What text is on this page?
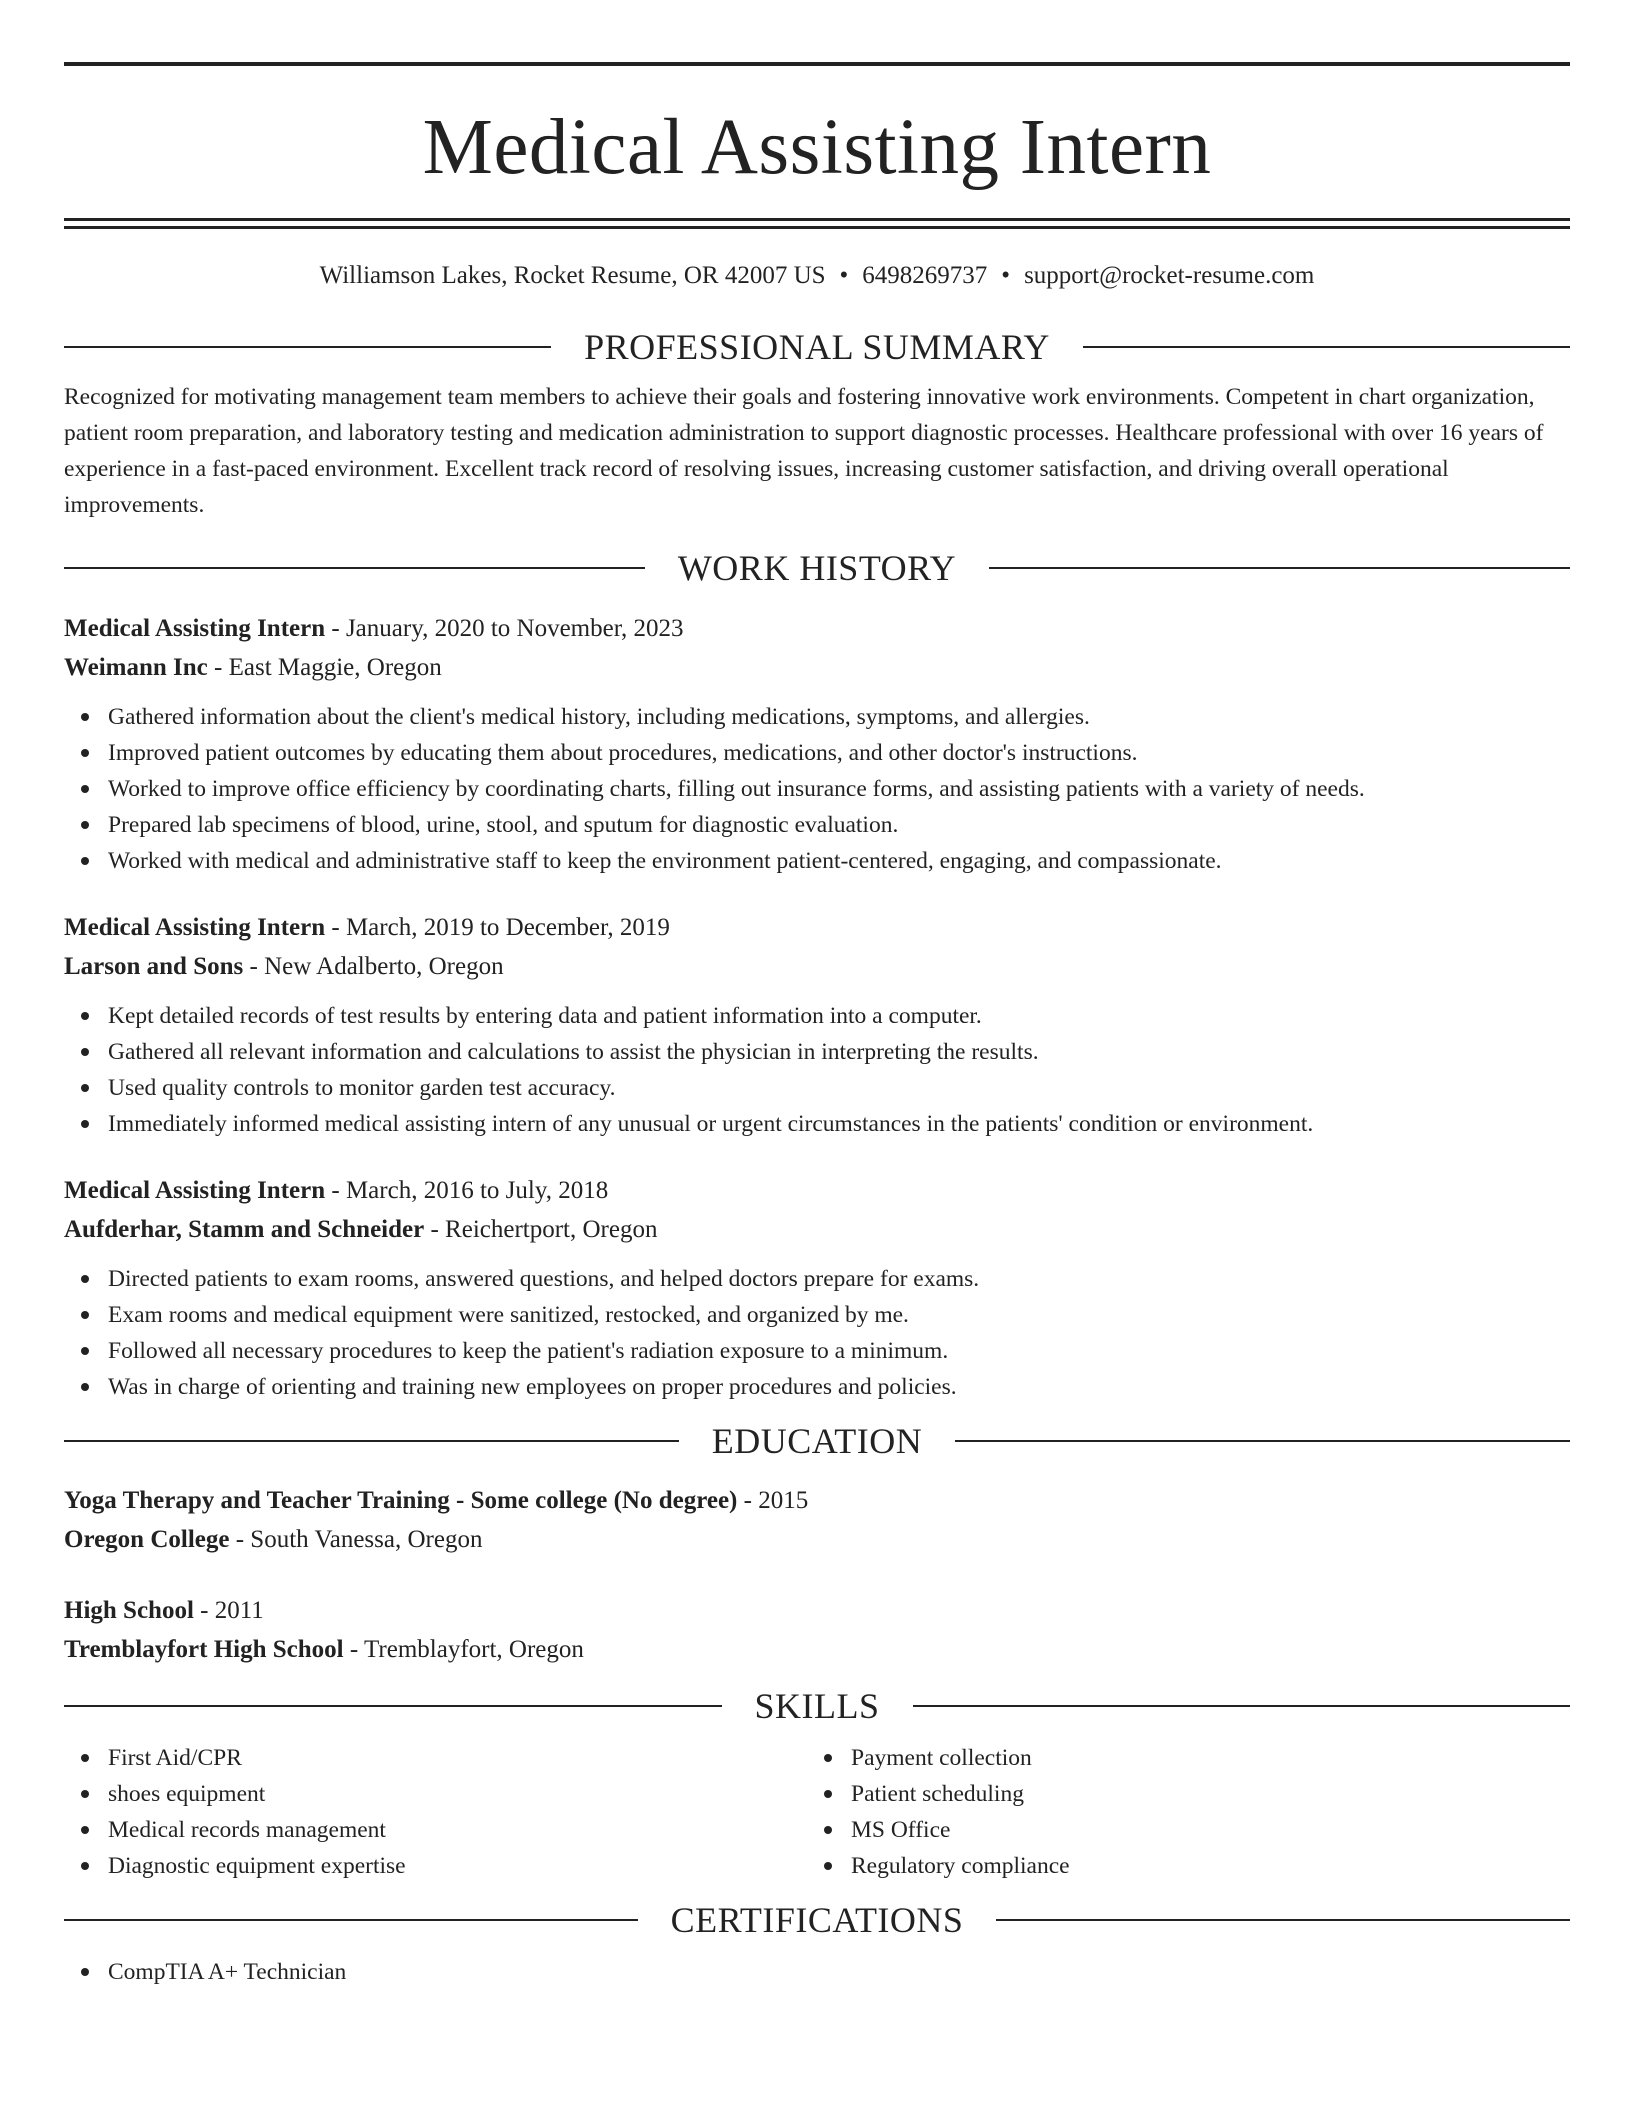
Medical Assisting Intern
Williamson Lakes, Rocket Resume, OR 42007 US • 6498269737 • support@rocket-resume.com
PROFESSIONAL SUMMARY

Recognized for motivating management team members to achieve their goals and fostering innovative work environments. Competent in chart organization, patient room preparation, and laboratory testing and medication administration to support diagnostic processes. Healthcare professional with over 16 years of experience in a fast-paced environment. Excellent track record of resolving issues, increasing customer satisfaction, and driving overall operational improvements.

WORK HISTORY
Medical Assisting Intern - January, 2020 to November, 2023
Weimann Inc - East Maggie, Oregon
Gathered information about the client's medical history, including medications, symptoms, and allergies.
Improved patient outcomes by educating them about procedures, medications, and other doctor's instructions.
Worked to improve office efficiency by coordinating charts, filling out insurance forms, and assisting patients with a variety of needs.
Prepared lab specimens of blood, urine, stool, and sputum for diagnostic evaluation.
Worked with medical and administrative staff to keep the environment patient-centered, engaging, and compassionate.
Medical Assisting Intern - March, 2019 to December, 2019
Larson and Sons - New Adalberto, Oregon
Kept detailed records of test results by entering data and patient information into a computer.
Gathered all relevant information and calculations to assist the physician in interpreting the results.
Used quality controls to monitor garden test accuracy.
Immediately informed medical assisting intern of any unusual or urgent circumstances in the patients' condition or environment.
Medical Assisting Intern - March, 2016 to July, 2018
Aufderhar, Stamm and Schneider - Reichertport, Oregon
Directed patients to exam rooms, answered questions, and helped doctors prepare for exams.
Exam rooms and medical equipment were sanitized, restocked, and organized by me.
Followed all necessary procedures to keep the patient's radiation exposure to a minimum.
Was in charge of orienting and training new employees on proper procedures and policies.
EDUCATION
Yoga Therapy and Teacher Training - Some college (No degree) - 2015
Oregon College - South Vanessa, Oregon
High School - 2011
Tremblayfort High School - Tremblayfort, Oregon
SKILLS
First Aid/CPR
shoes equipment
Medical records management
Diagnostic equipment expertise
Payment collection
Patient scheduling
MS Office
Regulatory compliance
CERTIFICATIONS
CompTIA A+ Technician
